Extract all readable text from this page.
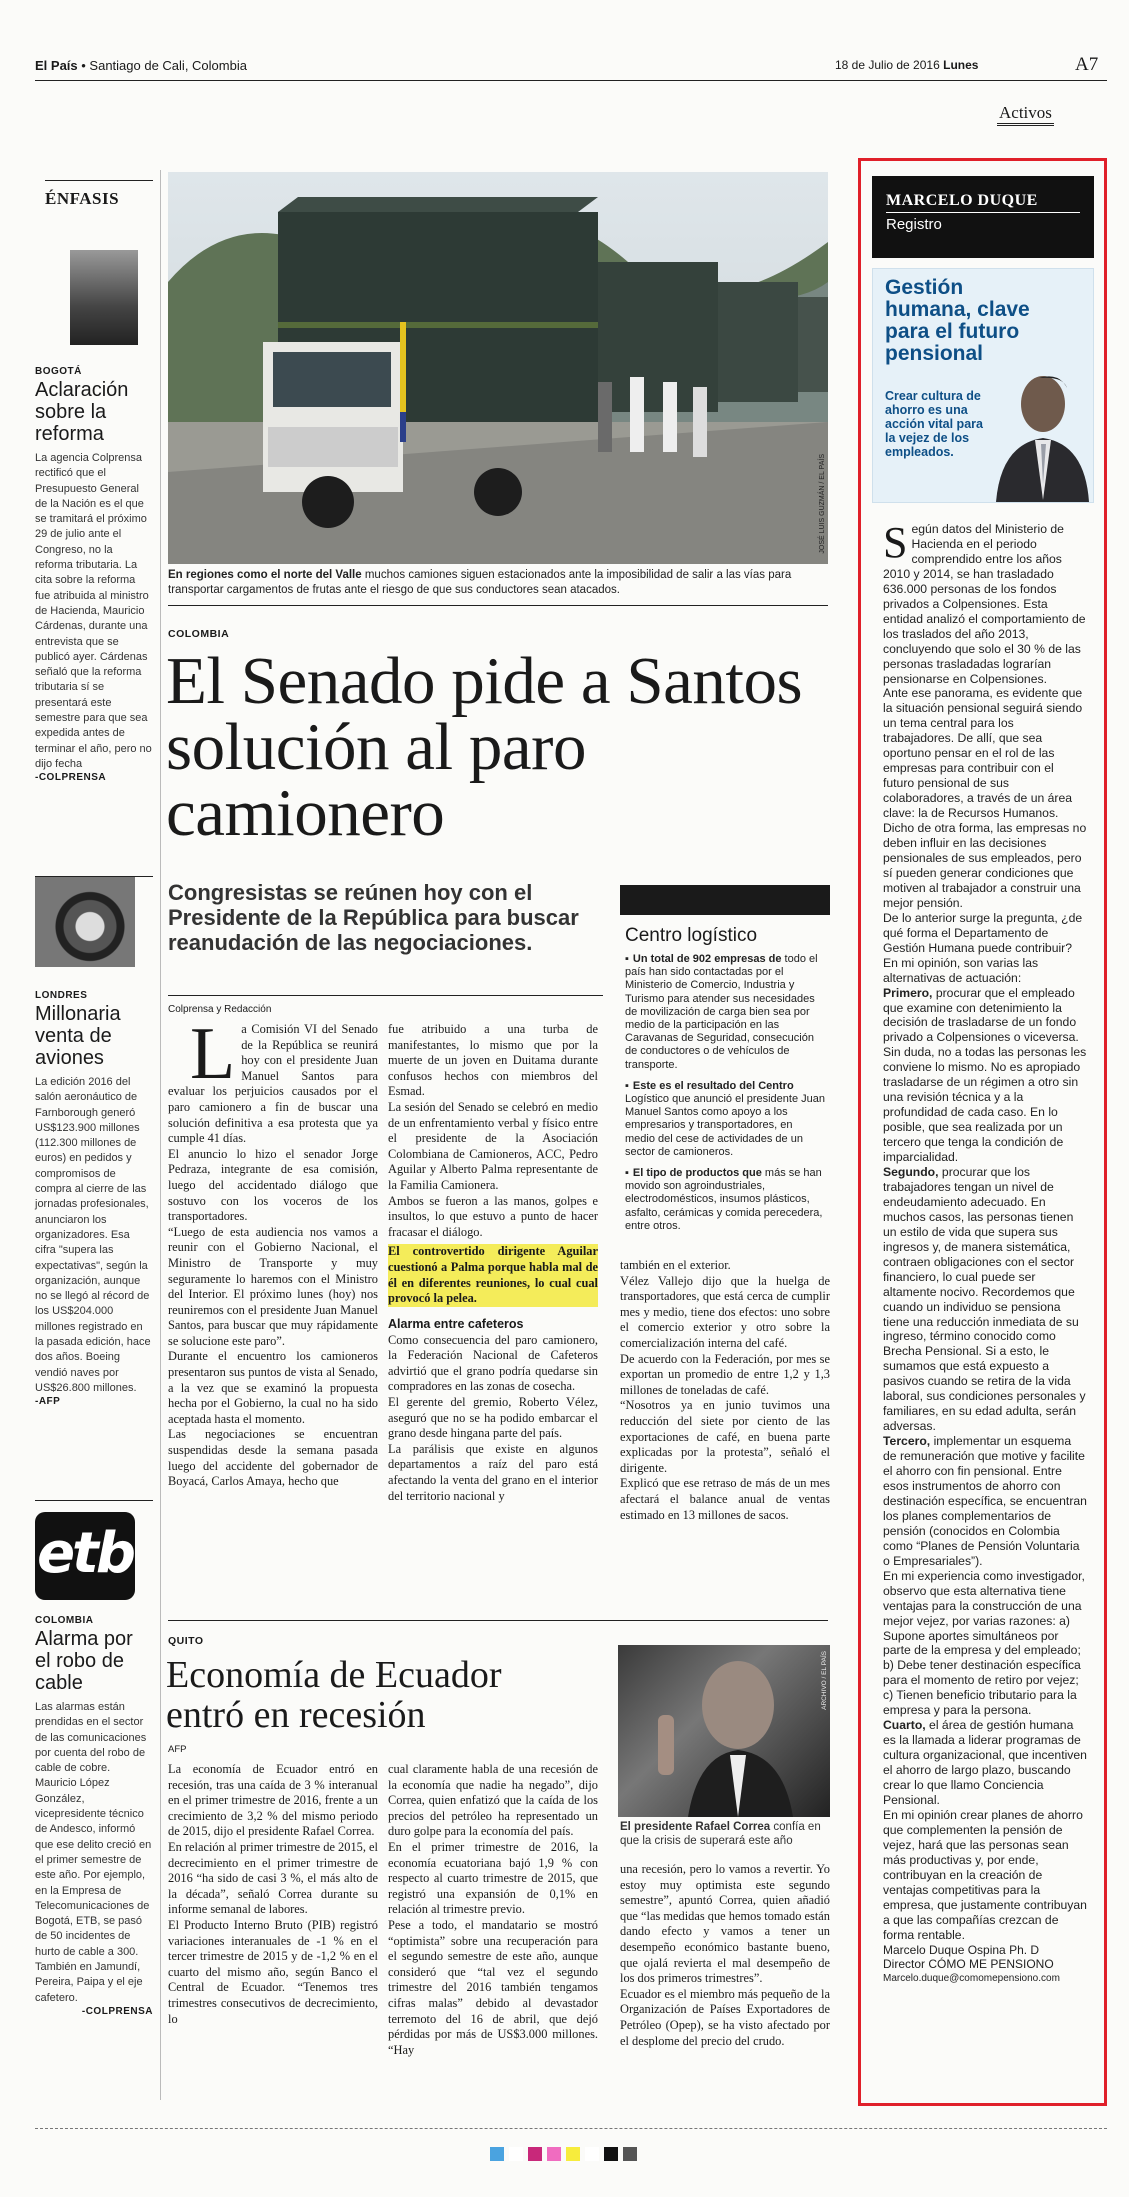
El País • Santiago de Cali, Colombia	18 de Julio de 2016 Lunes	A7
Activos
ÉNFASIS
BOGOTÁ
Aclaración sobre la reforma
La agencia Colprensa rectificó que el Presupuesto General de la Nación es el que se tramitará el próximo 29 de julio ante el Congreso, no la reforma tributaria. La cita sobre la reforma fue atribuida al ministro de Hacienda, Mauricio Cárdenas, durante una entrevista que se publicó ayer. Cárdenas señaló que la reforma tributaria sí se presentará este semestre para que sea expedida antes de terminar el año, pero no dijo fecha
-COLPRENSA
LONDRES
Millonaria venta de aviones
La edición 2016 del salón aeronáutico de Farnborough generó US$123.900 millones (112.300 millones de euros) en pedidos y compromisos de compra al cierre de las jornadas profesionales, anunciaron los organizadores. Esa cifra "supera las expectativas", según la organización, aunque no se llegó al récord de los US$204.000 millones registrado en la pasada edición, hace dos años. Boeing vendió naves por US$26.800 millones.
-AFP
etb
COLOMBIA
Alarma por el robo de cable
Las alarmas están prendidas en el sector de las comunicaciones por cuenta del robo de cable de cobre. Mauricio López González, vicepresidente técnico de Andesco, informó que ese delito creció en el primer semestre de este año. Por ejemplo, en la Empresa de Telecomunicaciones de Bogotá, ETB, se pasó de 50 incidentes de hurto de cable a 300. También en Jamundí, Pereira, Paipa y el eje cafetero.
-COLPRENSA
JOSÉ LUIS GUZMÁN / EL PAÍS
En regiones como el norte del Valle muchos camiones siguen estacionados ante la imposibilidad de salir a las vías para transportar cargamentos de frutas ante el riesgo de que sus conductores sean atacados.
COLOMBIA
El Senado pide a Santos solución al paro camionero
Congresistas se reúnen hoy con el Presidente de la República para buscar reanudación de las negociaciones.
Colprensa y Redacción
L a Comisión VI del Senado de la República se reunirá hoy con el presidente Juan Manuel Santos para evaluar los perjuicios causados por el paro camionero a fin de buscar una solución definitiva a esa protesta que ya cumple 41 días.
El anuncio lo hizo el senador Jorge Pedraza, integrante de esa comisión, luego del accidentado diálogo que sostuvo con los voceros de los transportadores.
“Luego de esta audiencia nos vamos a reunir con el Gobierno Nacional, el Ministro de Transporte y muy seguramente lo haremos con el Ministro del Interior. El próximo lunes (hoy) nos reuniremos con el presidente Juan Manuel Santos, para buscar que muy rápidamente se solucione este paro”.
Durante el encuentro los camioneros presentaron sus puntos de vista al Senado, a la vez que se examinó la propuesta hecha por el Gobierno, la cual no ha sido aceptada hasta el momento.
Las negociaciones se encuentran suspendidas desde la semana pasada luego del accidente del gobernador de Boyacá, Carlos Amaya, hecho que
fue atribuido a una turba de manifestantes, lo mismo que por la muerte de un joven en Duitama durante confusos hechos con miembros del Esmad.
La sesión del Senado se celebró en medio de un enfrentamiento verbal y físico entre el presidente de la Asociación Colombiana de Camioneros, ACC, Pedro Aguilar y Alberto Palma representante de la Familia Camionera.
Ambos se fueron a las manos, golpes e insultos, lo que estuvo a punto de hacer fracasar el diálogo.
El controvertido dirigente Aguilar cuestionó a Palma porque habla mal de él en diferentes reuniones, lo cual cual provocó la pelea.
Alarma entre cafeteros
Como consecuencia del paro camionero, la Federación Nacional de Cafeteros advirtió que el grano podría quedarse sin compradores en las zonas de cosecha.
El gerente del gremio, Roberto Vélez, aseguró que no se ha podido embarcar el grano desde hingana parte del país.
La parálisis que existe en algunos departamentos a raíz del paro está afectando la venta del grano en el interior del territorio nacional y
Centro logístico
▪ Un total de 902 empresas de todo el país han sido contactadas por el Ministerio de Comercio, Industria y Turismo para atender sus necesidades de movilización de carga bien sea por medio de la participación en las Caravanas de Seguridad, consecución de conductores o de vehículos de transporte.
▪ Este es el resultado del Centro Logístico que anunció el presidente Juan Manuel Santos como apoyo a los empresarios y transportadores, en medio del cese de actividades de un sector de camioneros.
▪ El tipo de productos que más se han movido son agroindustriales, electrodomésticos, insumos plásticos, asfalto, cerámicas y comida perecedera, entre otros.
también en el exterior.
Vélez Vallejo dijo que la huelga de transportadores, que está cerca de cumplir mes y medio, tiene dos efectos: uno sobre el comercio exterior y otro sobre la comercialización interna del café.
De acuerdo con la Federación, por mes se exportan un promedio de entre 1,2 y 1,3 millones de toneladas de café.
“Nosotros ya en junio tuvimos una reducción del siete por ciento de las exportaciones de café, en buena parte explicadas por la protesta”, señaló el dirigente.
Explicó que ese retraso de más de un mes afectará el balance anual de ventas estimado en 13 millones de sacos.
QUITO
Economía de Ecuador entró en recesión
AFP
La economía de Ecuador entró en recesión, tras una caída de 3 % interanual en el primer trimestre de 2016, frente a un crecimiento de 3,2 % del mismo periodo de 2015, dijo el presidente Rafael Correa.
En relación al primer trimestre de 2015, el decrecimiento en el primer trimestre de 2016 “ha sido de casi 3 %, el más alto de la década”, señaló Correa durante su informe semanal de labores.
El Producto Interno Bruto (PIB) registró variaciones interanuales de -1 % en el tercer trimestre de 2015 y de -1,2 % en el cuarto del mismo año, según Banco el Central de Ecuador. “Tenemos tres trimestres consecutivos de decrecimiento, lo
cual claramente habla de una recesión de la economía que nadie ha negado”, dijo Correa, quien enfatizó que la caída de los precios del petróleo ha representado un duro golpe para la economía del país.
En el primer trimestre de 2016, la economía ecuatoriana bajó 1,9 % con respecto al cuarto trimestre de 2015, que registró una expansión de 0,1% en relación al trimestre previo.
Pese a todo, el mandatario se mostró “optimista” sobre una recuperación para el segundo semestre de este año, aunque consideró que “tal vez el segundo trimestre del 2016 también tengamos cifras malas” debido al devastador terremoto del 16 de abril, que dejó pérdidas por más de US$3.000 millones. “Hay
ARCHIVO / EL PAÍS
El presidente Rafael Correa confía en que la crisis de superará este año
una recesión, pero lo vamos a revertir. Yo estoy muy optimista este segundo semestre”, apuntó Correa, quien añadió que “las medidas que hemos tomado están dando efecto y vamos a tener un desempeño económico bastante bueno, que ojalá revierta el mal desempeño de los dos primeros trimestres”.
Ecuador es el miembro más pequeño de la Organización de Países Exportadores de Petróleo (Opep), se ha visto afectado por el desplome del precio del crudo.
MARCELO DUQUE
Registro
Gestión humana, clave para el futuro pensional
Crear cultura de ahorro es una acción vital para la vejez de los empleados.
S egún datos del Ministerio de Hacienda en el periodo comprendido entre los años 2010 y 2014, se han trasladado 636.000 personas de los fondos privados a Colpensiones. Esta entidad analizó el comportamiento de los traslados del año 2013, concluyendo que solo el 30 % de las personas trasladadas lograrían pensionarse en Colpensiones.
Ante ese panorama, es evidente que la situación pensional seguirá siendo un tema central para los trabajadores. De allí, que sea oportuno pensar en el rol de las empresas para contribuir con el futuro pensional de sus colaboradores, a través de un área clave: la de Recursos Humanos.
Dicho de otra forma, las empresas no deben influir en las decisiones pensionales de sus empleados, pero sí pueden generar condiciones que motiven al trabajador a construir una mejor pensión.
De lo anterior surge la pregunta, ¿de qué forma el Departamento de Gestión Humana puede contribuir? En mi opinión, son varias las alternativas de actuación:
Primero, procurar que el empleado que examine con detenimiento la decisión de trasladarse de un fondo privado a Colpensiones o viceversa. Sin duda, no a todas las personas les conviene lo mismo. No es apropiado trasladarse de un régimen a otro sin una revisión técnica y a la profundidad de cada caso. En lo posible, que sea realizada por un tercero que tenga la condición de imparcialidad.
Segundo, procurar que los trabajadores tengan un nivel de endeudamiento adecuado. En muchos casos, las personas tienen un estilo de vida que supera sus ingresos y, de manera sistemática, contraen obligaciones con el sector financiero, lo cual puede ser altamente nocivo. Recordemos que cuando un individuo se pensiona tiene una reducción inmediata de su ingreso, término conocido como Brecha Pensional. Si a esto, le sumamos que está expuesto a pasivos cuando se retira de la vida laboral, sus condiciones personales y familiares, en su edad adulta, serán adversas.
Tercero, implementar un esquema de remuneración que motive y facilite el ahorro con fin pensional. Entre esos instrumentos de ahorro con destinación específica, se encuentran los planes complementarios de pensión (conocidos en Colombia como “Planes de Pensión Voluntaria o Empresariales”).
En mi experiencia como investigador, observo que esta alternativa tiene ventajas para la construcción de una mejor vejez, por varias razones: a) Supone aportes simultáneos por parte de la empresa y del empleado; b) Debe tener destinación específica para el momento de retiro por vejez; c) Tienen beneficio tributario para la empresa y para la persona.
Cuarto, el área de gestión humana es la llamada a liderar programas de cultura organizacional, que incentiven el ahorro de largo plazo, buscando crear lo que llamo Conciencia Pensional.
En mi opinión crear planes de ahorro que complementen la pensión de vejez, hará que las personas sean más productivas y, por ende, contribuyan en la creación de ventajas competitivas para la empresa, que justamente contribuyan a que las compañías crezcan de forma rentable.
Marcelo Duque Ospina Ph. D
Director CÓMO ME PENSIONO
Marcelo.duque@comomepensiono.com
